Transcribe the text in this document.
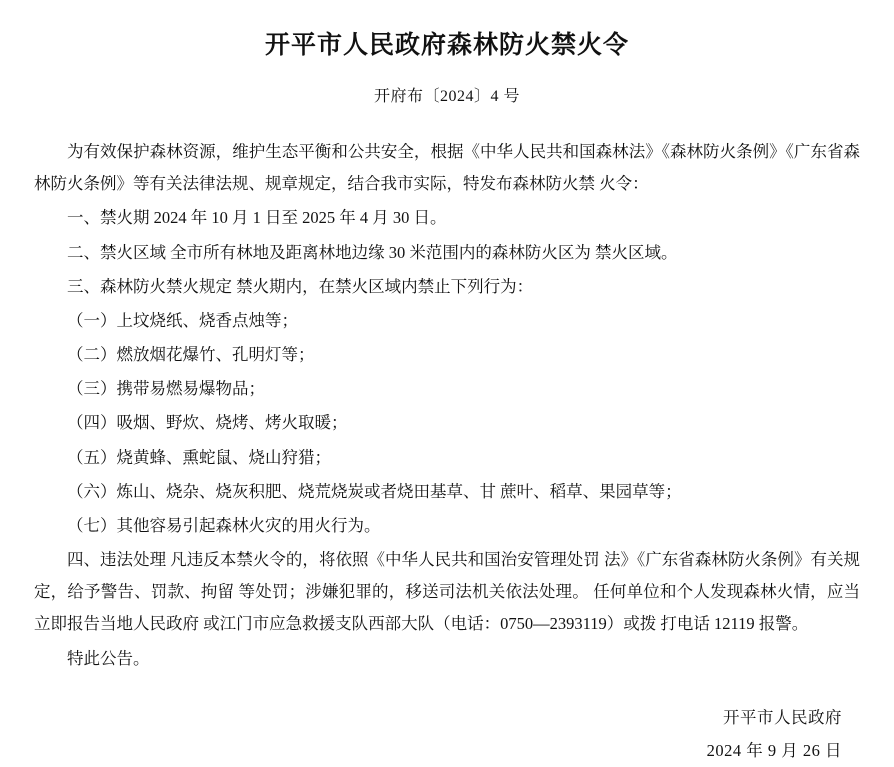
开平市人民政府森林防火禁火令
开府布〔2024〕4 号

为有效保护森林资源，维护生态平衡和公共安全，根据《中华人民共和国森林法》《森林防火条例》《广东省森林防火条例》等有关法律法规、规章规定，结合我市实际，特发布森林防火禁 火令：

一、禁火期 2024 年 10 月 1 日至 2025 年 4 月 30 日。

二、禁火区域 全市所有林地及距离林地边缘 30 米范围内的森林防火区为 禁火区域。

三、森林防火禁火规定 禁火期内，在禁火区域内禁止下列行为：

（一）上坟烧纸、烧香点烛等；

（二）燃放烟花爆竹、孔明灯等；

（三）携带易燃易爆物品；

（四）吸烟、野炊、烧烤、烤火取暖；

（五）烧黄蜂、熏蛇鼠、烧山狩猎；

（六）炼山、烧杂、烧灰积肥、烧荒烧炭或者烧田基草、甘 蔗叶、稻草、果园草等；

（七）其他容易引起森林火灾的用火行为。

四、违法处理 凡违反本禁火令的，将依照《中华人民共和国治安管理处罚 法》《广东省森林防火条例》有关规定，给予警告、罚款、拘留 等处罚；涉嫌犯罪的，移送司法机关依法处理。 任何单位和个人发现森林火情，应当立即报告当地人民政府 或江门市应急救援支队西部大队（电话：0750—2393119）或拨 打电话 12119 报警。

特此公告。

开平市人民政府
2024 年 9 月 26 日
